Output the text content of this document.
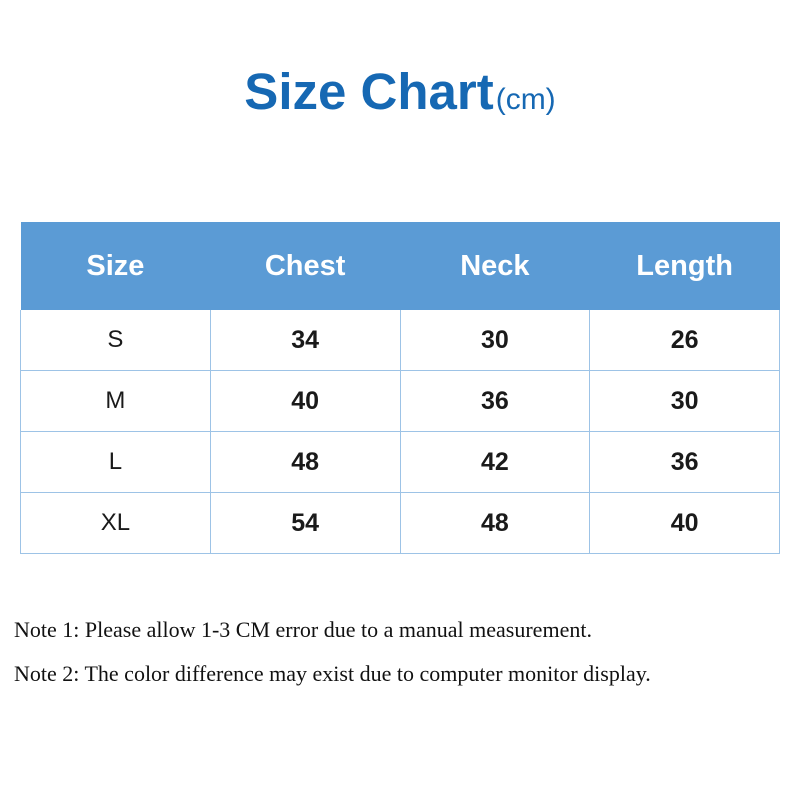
Size Chart(cm)
Size	Chest	Neck	Length
S	34	30	26
M	40	36	30
L	48	42	36
XL	54	48	40
Note 1: Please allow 1-3 CM error due to a manual measurement.
Note 2: The color difference may exist due to computer monitor display.
